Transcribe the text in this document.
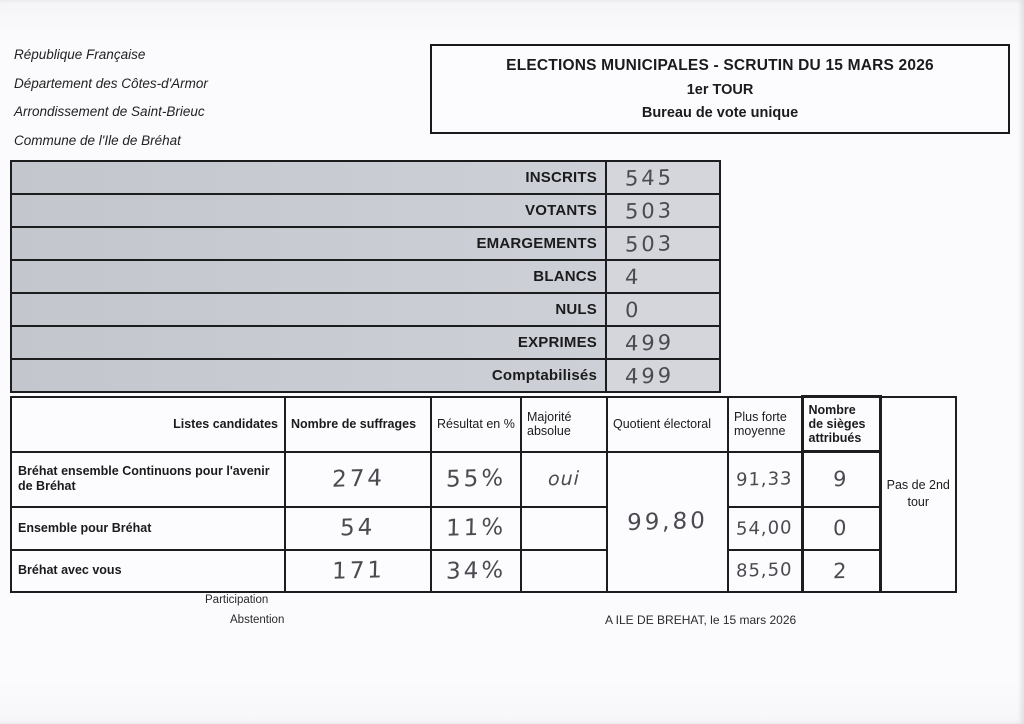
République Française
Département des Côtes-d'Armor
Arrondissement de Saint-Brieuc
Commune de l'Ile de Bréhat
ELECTIONS MUNICIPALES - SCRUTIN DU 15 MARS 2026
1er TOUR
Bureau de vote unique
INSCRITS	545
VOTANTS	503
EMARGEMENTS	503
BLANCS	4
NULS	0
EXPRIMES	499
Comptabilisés	499
Listes candidates	Nombre de suffrages	Résultat en %	Majorité absolue	Quotient électoral	Plus forte moyenne	Nombre de sièges attribués	Pas de 2nd tour
Bréhat ensemble Continuons pour l'avenir de Bréhat	274	55%	oui	99,80	91,33	9	
Ensemble pour Bréhat	54	11%			54,00	0	
Bréhat avec vous	171	34%			85,50	2	
Participation
Abstention	A ILE DE BREHAT, le 15 mars 2026
